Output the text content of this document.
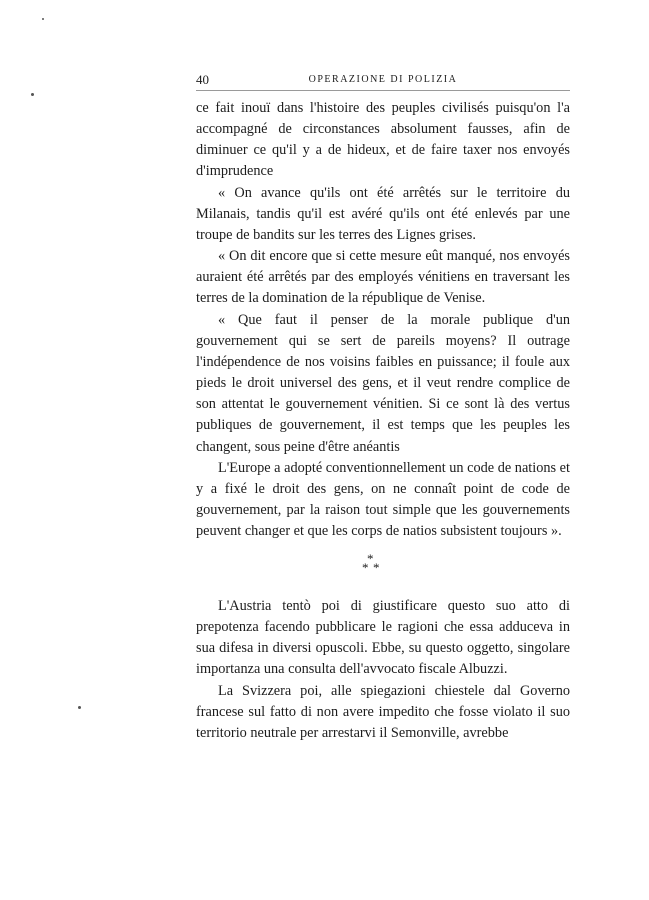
40	OPERAZIONE DI POLIZIA

ce fait inouï dans l'histoire des peuples civilisés puisqu'on l'a accompagné de circonstances absolument fausses, afin de diminuer ce qu'il y a de hideux, et de faire taxer nos envoyés d'imprudence

« On avance qu'ils ont été arrêtés sur le territoire du Milanais, tandis qu'il est avéré qu'ils ont été enlevés par une troupe de bandits sur les terres des Lignes grises.

« On dit encore que si cette mesure eût manqué, nos envoyés auraient été arrêtés par des employés vénitiens en traversant les terres de la domination de la république de Venise.

« Que faut il penser de la morale publique d'un gouvernement qui se sert de pareils moyens? Il outrage l'indépendence de nos voisins faibles en puissance; il foule aux pieds le droit universel des gens, et il veut rendre complice de son attentat le gouvernement vénitien. Si ce sont là des vertus publiques de gouvernement, il est temps que les peuples les changent, sous peine d'être anéantis

L'Europe a adopté conventionnellement un code de nations et y a fixé le droit des gens, on ne connaît point de code de gouvernement, par la raison tout simple que les gouvernements peuvent changer et que les corps de natios subsistent toujours ».

*
* *

L'Austria tentò poi di giustificare questo suo atto di prepotenza facendo pubblicare le ragioni che essa adduceva in sua difesa in diversi opuscoli. Ebbe, su questo oggetto, singolare importanza una consulta dell'avvocato fiscale Albuzzi.

La Svizzera poi, alle spiegazioni chiestele dal Governo francese sul fatto di non avere impedito che fosse violato il suo territorio neutrale per arrestarvi il Semonville, avrebbe
